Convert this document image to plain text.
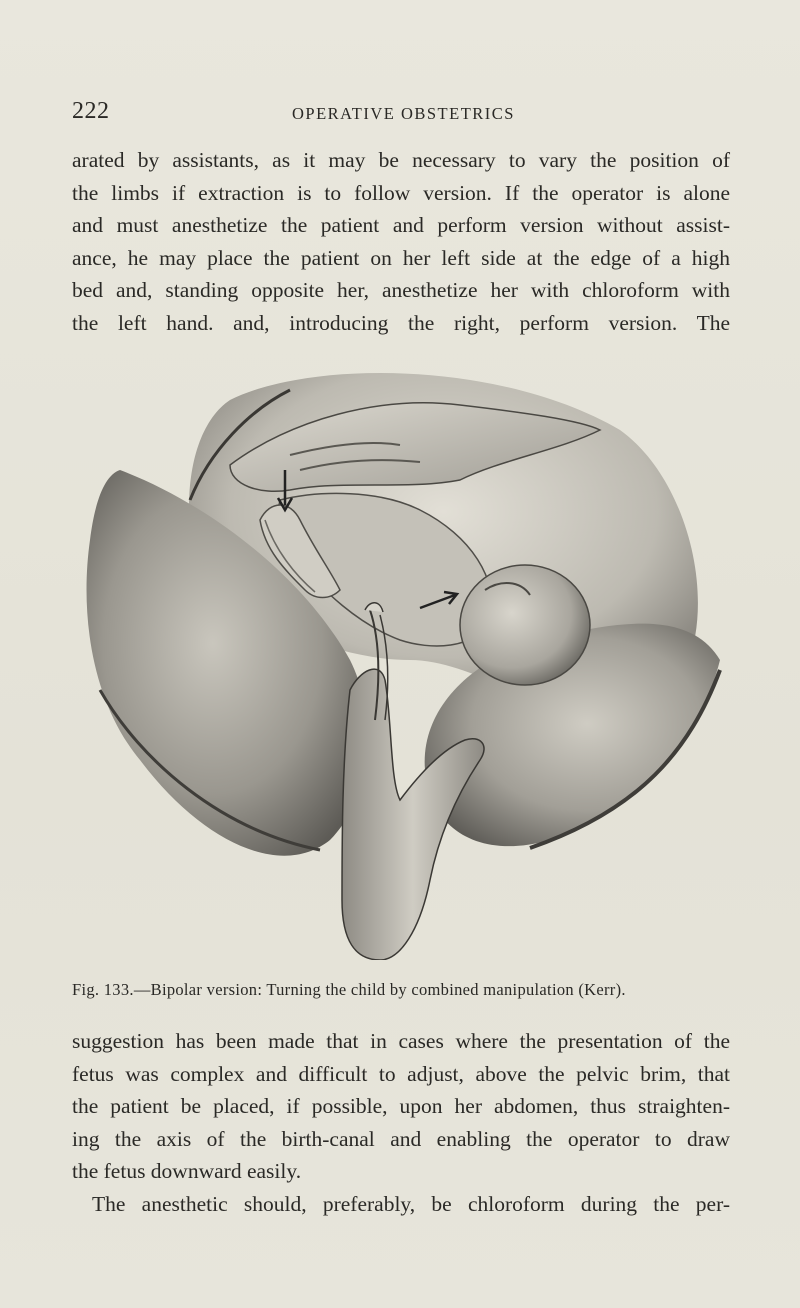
222	OPERATIVE OBSTETRICS
arated by assistants, as it may be necessary to vary the position of
the limbs if extraction is to follow version. If the operator is alone
and must anesthetize the patient and perform version without assist-
ance, he may place the patient on her left side at the edge of a high
bed and, standing opposite her, anesthetize her with chloroform with
the left hand. and, introducing the right, perform version. The
Fig. 133.—Bipolar version: Turning the child by combined manipulation (Kerr).
suggestion has been made that in cases where the presentation of the
fetus was complex and difficult to adjust, above the pelvic brim, that
the patient be placed, if possible, upon her abdomen, thus straighten-
ing the axis of the birth-canal and enabling the operator to draw
the fetus downward easily.
The anesthetic should, preferably, be chloroform during the per-
